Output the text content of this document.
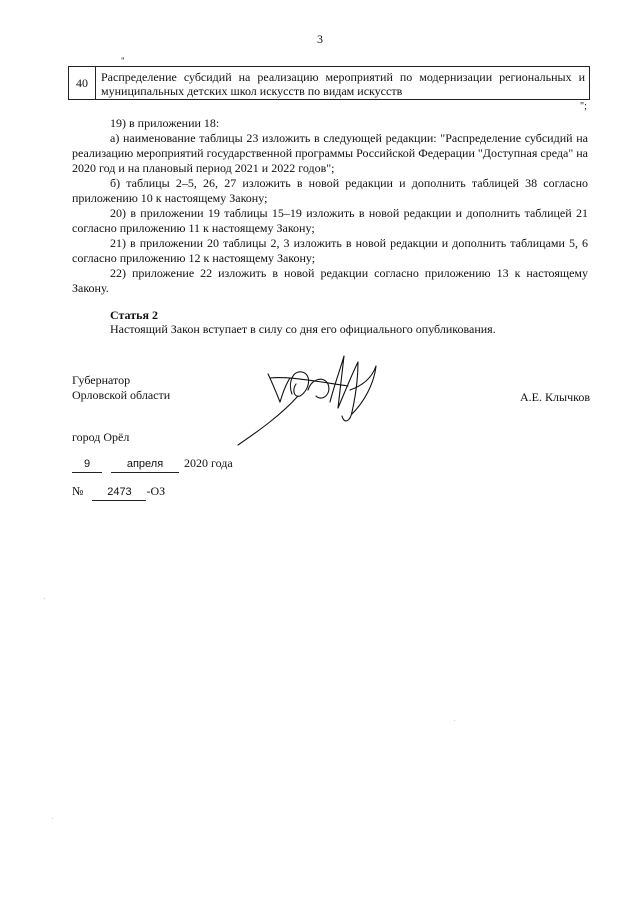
3
"
40	Распределение субсидий на реализацию мероприятий по модернизации региональных и
муниципальных детских школ искусств по видам искусств
";
19) в приложении 18:
а) наименование таблицы 23 изложить в следующей редакции: "Распределение субсидий на реализацию мероприятий государственной программы Российской Федерации "Доступная среда" на 2020 год и на плановый период 2021 и 2022 годов";
б) таблицы 2–5, 26, 27 изложить в новой редакции и дополнить таблицей 38 согласно приложению 10 к настоящему Закону;
20) в приложении 19 таблицы 15–19 изложить в новой редакции и дополнить таблицей 21 согласно приложению 11 к настоящему Закону;
21) в приложении 20 таблицы 2, 3 изложить в новой редакции и дополнить таблицами 5, 6 согласно приложению 12 к настоящему Закону;
22) приложение 22 изложить в новой редакции согласно приложению 13 к настоящему Закону.
Статья 2
Настоящий Закон вступает в силу со дня его официального опубликования.
Губернатор
Орловской области	А.Е. Клычков
город Орёл
9	апреля 2020 года
№ 2473 -ОЗ
